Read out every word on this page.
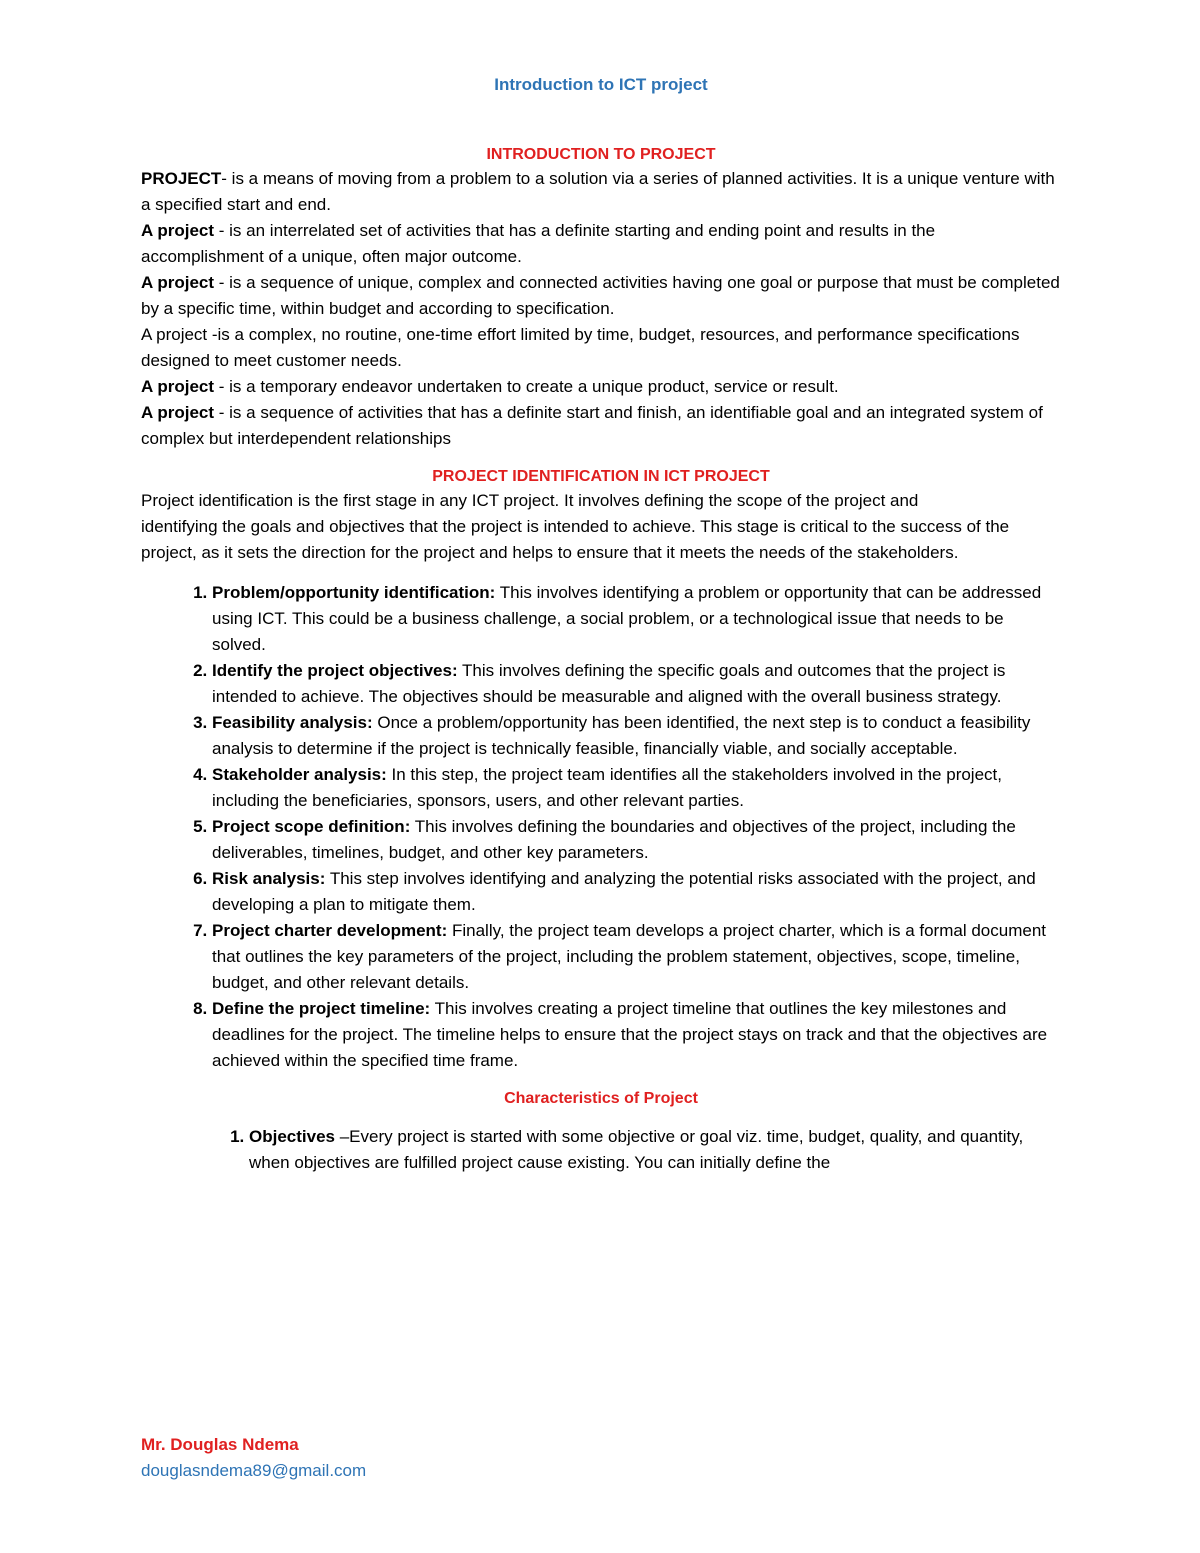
Introduction to ICT project

INTRODUCTION TO PROJECT

PROJECT- is a means of moving from a problem to a solution via a series of planned activities. It is a unique venture with a specified start and end.

A project - is an interrelated set of activities that has a definite starting and ending point and results in the accomplishment of a unique, often major outcome.

A project - is a sequence of unique, complex and connected activities having one goal or purpose that must be completed by a specific time, within budget and according to specification.

A project -is a complex, no routine, one-time effort limited by time, budget, resources, and performance specifications designed to meet customer needs.

A project - is a temporary endeavor undertaken to create a unique product, service or result.

A project - is a sequence of activities that has a definite start and finish, an identifiable goal and an integrated system of complex but interdependent relationships

PROJECT IDENTIFICATION IN ICT PROJECT

Project identification is the first stage in any ICT project. It involves defining the scope of the project and

identifying the goals and objectives that the project is intended to achieve. This stage is critical to the success of the project, as it sets the direction for the project and helps to ensure that it meets the needs of the stakeholders.

1. Problem/opportunity identification: This involves identifying a problem or opportunity that can be addressed using ICT. This could be a business challenge, a social problem, or a technological issue that needs to be solved.
2. Identify the project objectives: This involves defining the specific goals and outcomes that the project is intended to achieve. The objectives should be measurable and aligned with the overall business strategy.
3. Feasibility analysis: Once a problem/opportunity has been identified, the next step is to conduct a feasibility analysis to determine if the project is technically feasible, financially viable, and socially acceptable.
4. Stakeholder analysis: In this step, the project team identifies all the stakeholders involved in the project, including the beneficiaries, sponsors, users, and other relevant parties.
5. Project scope definition: This involves defining the boundaries and objectives of the project, including the deliverables, timelines, budget, and other key parameters.
6. Risk analysis: This step involves identifying and analyzing the potential risks associated with the project, and developing a plan to mitigate them.
7. Project charter development: Finally, the project team develops a project charter, which is a formal document that outlines the key parameters of the project, including the problem statement, objectives, scope, timeline, budget, and other relevant details.
8. Define the project timeline: This involves creating a project timeline that outlines the key milestones and deadlines for the project. The timeline helps to ensure that the project stays on track and that the objectives are achieved within the specified time frame.

Characteristics of Project

1. Objectives –Every project is started with some objective or goal viz. time, budget, quality, and quantity, when objectives are fulfilled project cause existing. You can initially define the

Mr. Douglas Ndema

douglasndema89@gmail.com
